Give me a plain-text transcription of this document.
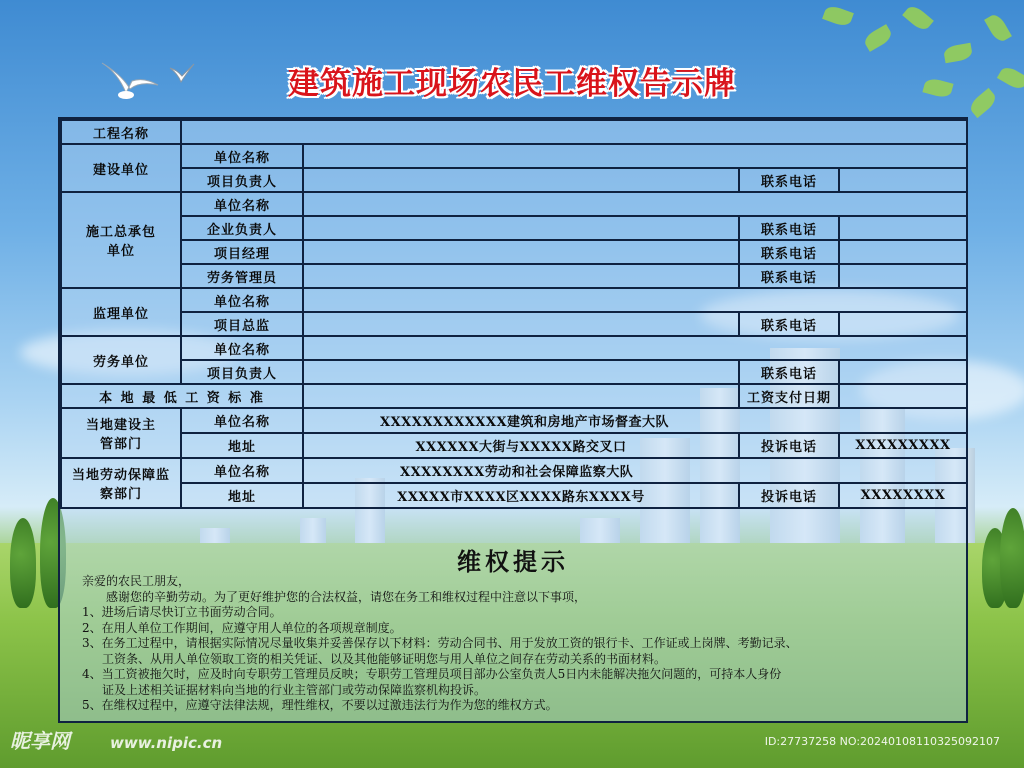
建筑施工现场农民工维权告示牌
工程名称				
建设单位	单位名称			
	项目负责人		联系电话	
施工总承包单位	单位名称			
	企业负责人		联系电话	
	项目经理		联系电话	
	劳务管理员		联系电话	
监理单位	单位名称			
	项目总监		联系电话	
劳务单位	单位名称			
	项目负责人		联系电话	
本 地 最 低 工 资 标 准			工资支付日期	
当地建设主管部门	单位名称	XXXXXXXXXXXX建筑和房地产市场督查大队		
	地址	XXXXXX大街与XXXXX路交叉口	投诉电话	XXXXXXXXX
当地劳动保障监察部门	单位名称	XXXXXXXX劳动和社会保障监察大队		
	地址	XXXXX市XXXX区XXXX路东XXXX号	投诉电话	XXXXXXXX
维权提示

亲爱的农民工朋友，

感谢您的辛勤劳动。为了更好维护您的合法权益，请您在务工和维权过程中注意以下事项，

1、进场后请尽快订立书面劳动合同。

2、在用人单位工作期间，应遵守用人单位的各项规章制度。

3、在务工过程中，请根据实际情况尽量收集并妥善保存以下材料：劳动合同书、用于发放工资的银行卡、工作证或上岗牌、考勤记录、

工资条、从用人单位领取工资的相关凭证、以及其他能够证明您与用人单位之间存在劳动关系的书面材料。

4、当工资被拖欠时，应及时向专职劳工管理员反映；专职劳工管理员项目部办公室负责人5日内未能解决拖欠问题的，可持本人身份

证及上述相关证据材料向当地的行业主管部门或劳动保障监察机构投诉。

5、在维权过程中，应遵守法律法规，理性维权，不要以过激违法行为作为您的维权方式。

昵享网	www.nipic.cn	ID:27737258 NO:20240108110325092107
